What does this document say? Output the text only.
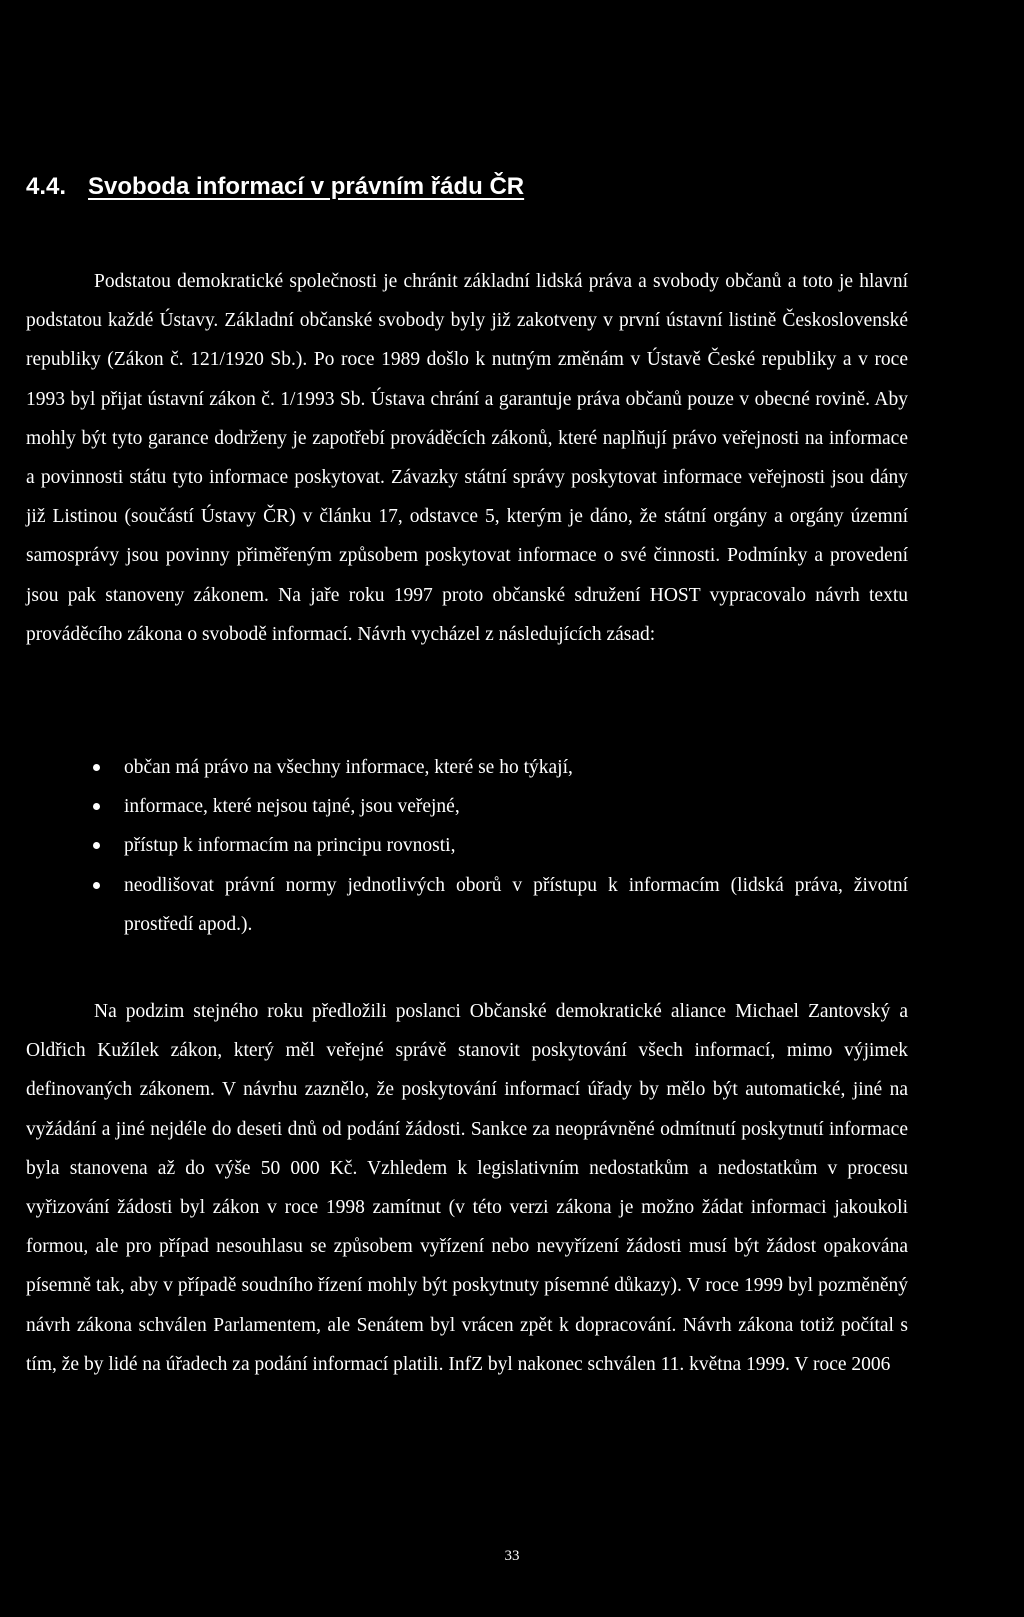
4.4. Svoboda informací v právním řádu ČR

Podstatou demokratické společnosti je chránit základní lidská práva a svobody občanů a toto je hlavní podstatou každé Ústavy. Základní občanské svobody byly již zakotveny v první ústavní listině Československé republiky (Zákon č. 121/1920 Sb.). Po roce 1989 došlo k nutným změnám v Ústavě České republiky a v roce 1993 byl přijat ústavní zákon č. 1/1993 Sb. Ústava chrání a garantuje práva občanů pouze v obecné rovině. Aby mohly být tyto garance dodrženy je zapotřebí prováděcích zákonů, které naplňují právo veřejnosti na informace a povinnosti státu tyto informace poskytovat. Závazky státní správy poskytovat informace veřejnosti jsou dány již Listinou (součástí Ústavy ČR) v článku 17, odstavce 5, kterým je dáno, že státní orgány a orgány územní samosprávy jsou povinny přiměřeným způsobem poskytovat informace o své činnosti. Podmínky a provedení jsou pak stanoveny zákonem. Na jaře roku 1997 proto občanské sdružení HOST vypracovalo návrh textu prováděcího zákona o svobodě informací. Návrh vycházel z následujících zásad:

občan má právo na všechny informace, které se ho týkají,
informace, které nejsou tajné, jsou veřejné,
přístup k informacím na principu rovnosti,
neodlišovat právní normy jednotlivých oborů v přístupu k informacím (lidská práva, životní prostředí apod.).

Na podzim stejného roku předložili poslanci Občanské demokratické aliance Michael Zantovský a Oldřich Kužílek zákon, který měl veřejné správě stanovit poskytování všech informací, mimo výjimek definovaných zákonem. V návrhu zaznělo, že poskytování informací úřady by mělo být automatické, jiné na vyžádání a jiné nejdéle do deseti dnů od podání žádosti. Sankce za neoprávněné odmítnutí poskytnutí informace byla stanovena až do výše 50 000 Kč. Vzhledem k legislativním nedostatkům a nedostatkům v procesu vyřizování žádosti byl zákon v roce 1998 zamítnut (v této verzi zákona je možno žádat informaci jakoukoli formou, ale pro případ nesouhlasu se způsobem vyřízení nebo nevyřízení žádosti musí být žádost opakována písemně tak, aby v případě soudního řízení mohly být poskytnuty písemné důkazy). V roce 1999 byl pozměněný návrh zákona schválen Parlamentem, ale Senátem byl vrácen zpět k dopracování. Návrh zákona totiž počítal s tím, že by lidé na úřadech za podání informací platili. InfZ byl nakonec schválen 11. května 1999. V roce 2006

33
